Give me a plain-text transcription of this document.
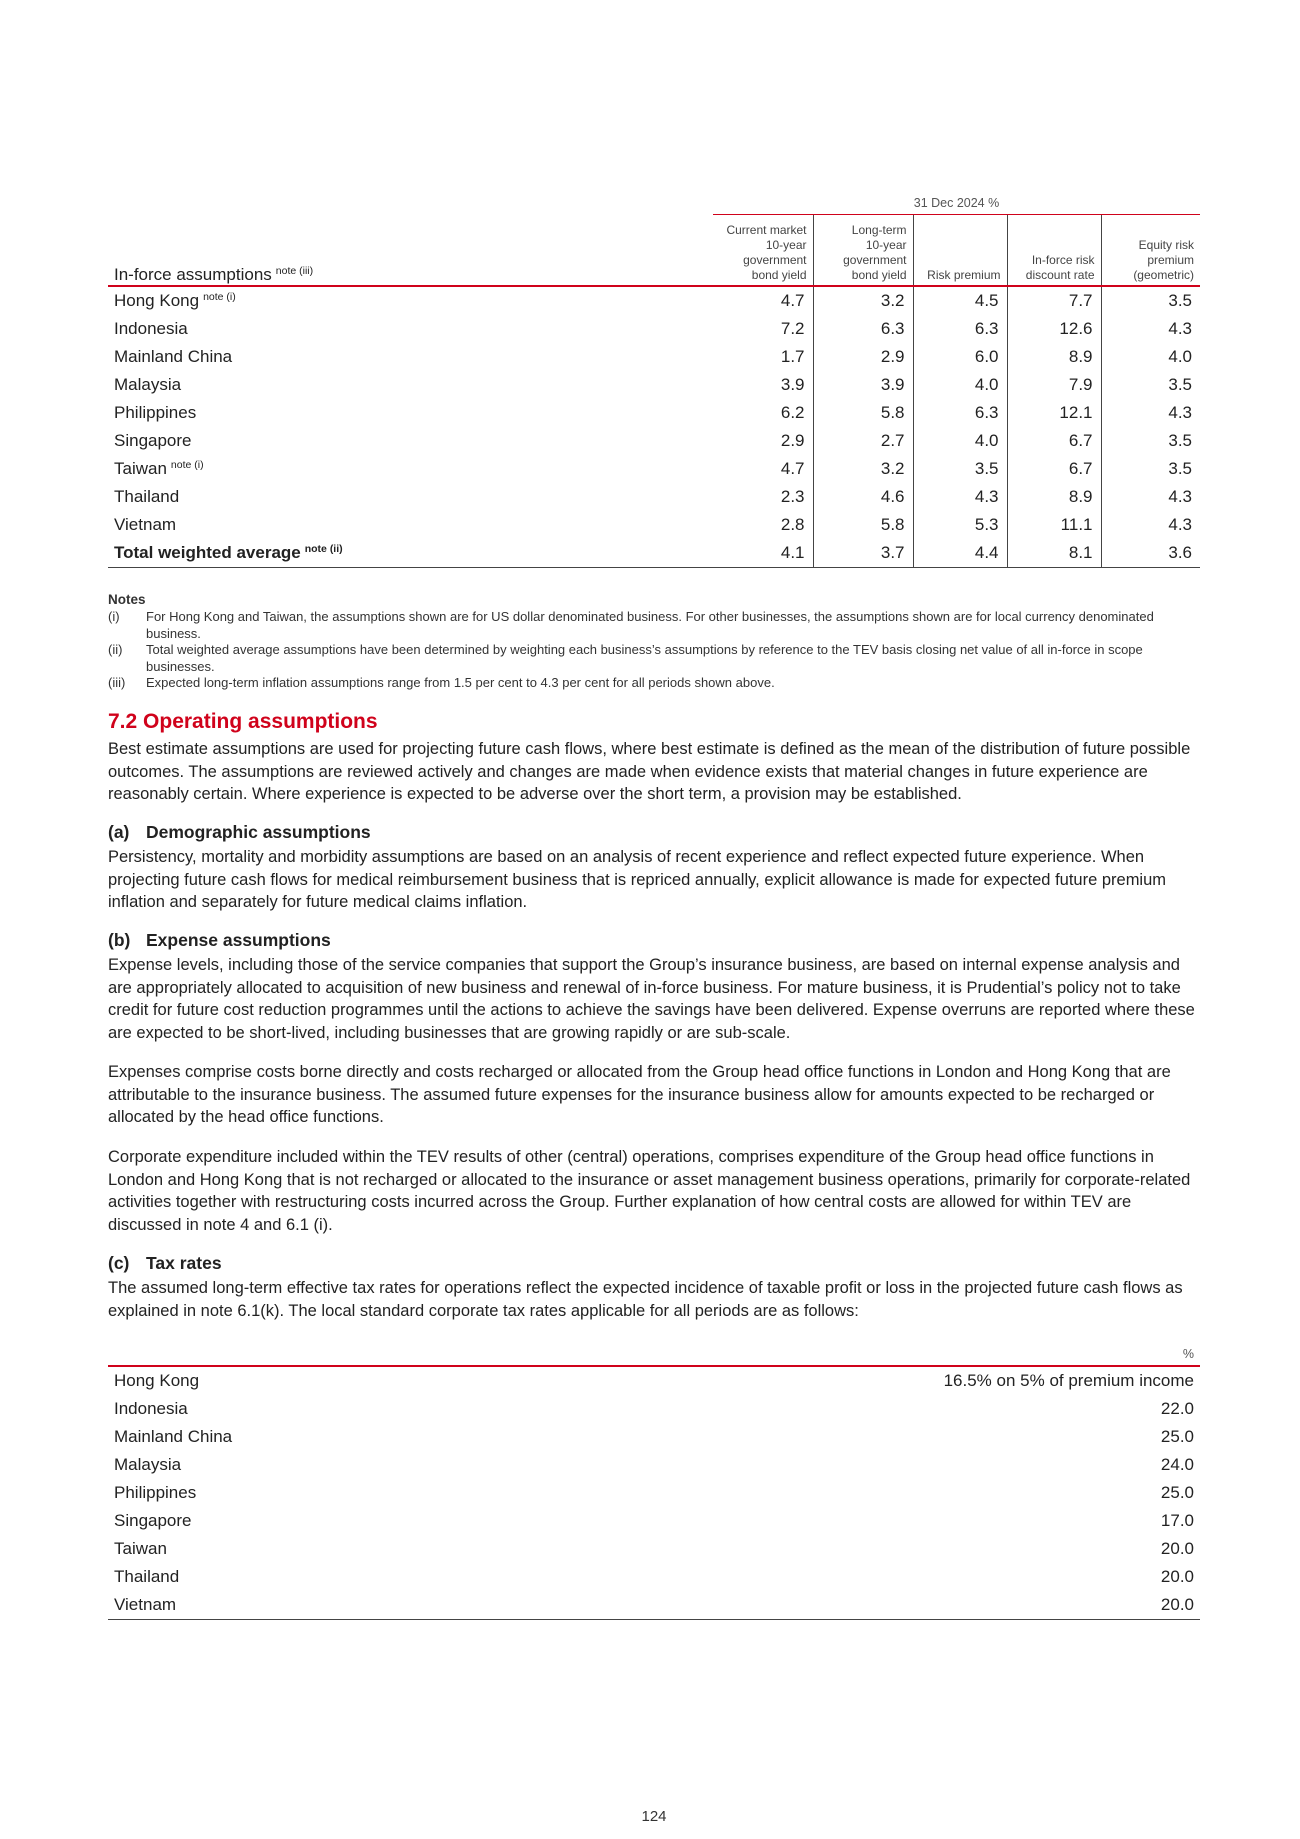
	31 Dec 2024 %				
In-force assumptions $^{note (iii)}$	Current market
10-year
government
bond yield	Long-term
10-year
government
bond yield	Risk premium	In-force risk
discount rate	Equity risk
premium
(geometric)
Hong Kong $^{note (i)}$	4.7	3.2	4.5	7.7	3.5
Indonesia	7.2	6.3	6.3	12.6	4.3
Mainland China	1.7	2.9	6.0	8.9	4.0
Malaysia	3.9	3.9	4.0	7.9	3.5
Philippines	6.2	5.8	6.3	12.1	4.3
Singapore	2.9	2.7	4.0	6.7	3.5
Taiwan $^{note (i)}$	4.7	3.2	3.5	6.7	3.5
Thailand	2.3	4.6	4.3	8.9	4.3
Vietnam	2.8	5.8	5.3	11.1	4.3
Total weighted average $^{note (ii)}$	4.1	3.7	4.4	8.1	3.6
Notes
(i)	For Hong Kong and Taiwan, the assumptions shown are for US dollar denominated business. For other businesses, the assumptions shown are for local currency denominated business.
(ii)	Total weighted average assumptions have been determined by weighting each business’s assumptions by reference to the TEV basis closing net value of all in-force in scope businesses.
(iii)	Expected long-term inflation assumptions range from 1.5 per cent to 4.3 per cent for all periods shown above.
7.2 Operating assumptions
Best estimate assumptions are used for projecting future cash flows, where best estimate is defined as the mean of the distribution of future possible outcomes. The assumptions are reviewed actively and changes are made when evidence exists that material changes in future experience are reasonably certain. Where experience is expected to be adverse over the short term, a provision may be established.
(a) Demographic assumptions
Persistency, mortality and morbidity assumptions are based on an analysis of recent experience and reflect expected future experience. When projecting future cash flows for medical reimbursement business that is repriced annually, explicit allowance is made for expected future premium inflation and separately for future medical claims inflation.
(b) Expense assumptions
Expense levels, including those of the service companies that support the Group’s insurance business, are based on internal expense analysis and are appropriately allocated to acquisition of new business and renewal of in-force business. For mature business, it is Prudential’s policy not to take credit for future cost reduction programmes until the actions to achieve the savings have been delivered. Expense overruns are reported where these are expected to be short-lived, including businesses that are growing rapidly or are sub-scale.
Expenses comprise costs borne directly and costs recharged or allocated from the Group head office functions in London and Hong Kong that are attributable to the insurance business. The assumed future expenses for the insurance business allow for amounts expected to be recharged or allocated by the head office functions.
Corporate expenditure included within the TEV results of other (central) operations, comprises expenditure of the Group head office functions in London and Hong Kong that is not recharged or allocated to the insurance or asset management business operations, primarily for corporate-related activities together with restructuring costs incurred across the Group. Further explanation of how central costs are allowed for within TEV are discussed in note 4 and 6.1 (i).
(c) Tax rates
The assumed long-term effective tax rates for operations reflect the expected incidence of taxable profit or loss in the projected future cash flows as explained in note 6.1(k). The local standard corporate tax rates applicable for all periods are as follows:
	%
Hong Kong	16.5% on 5% of premium income
Indonesia	22.0
Mainland China	25.0
Malaysia	24.0
Philippines	25.0
Singapore	17.0
Taiwan	20.0
Thailand	20.0
Vietnam	20.0
124
